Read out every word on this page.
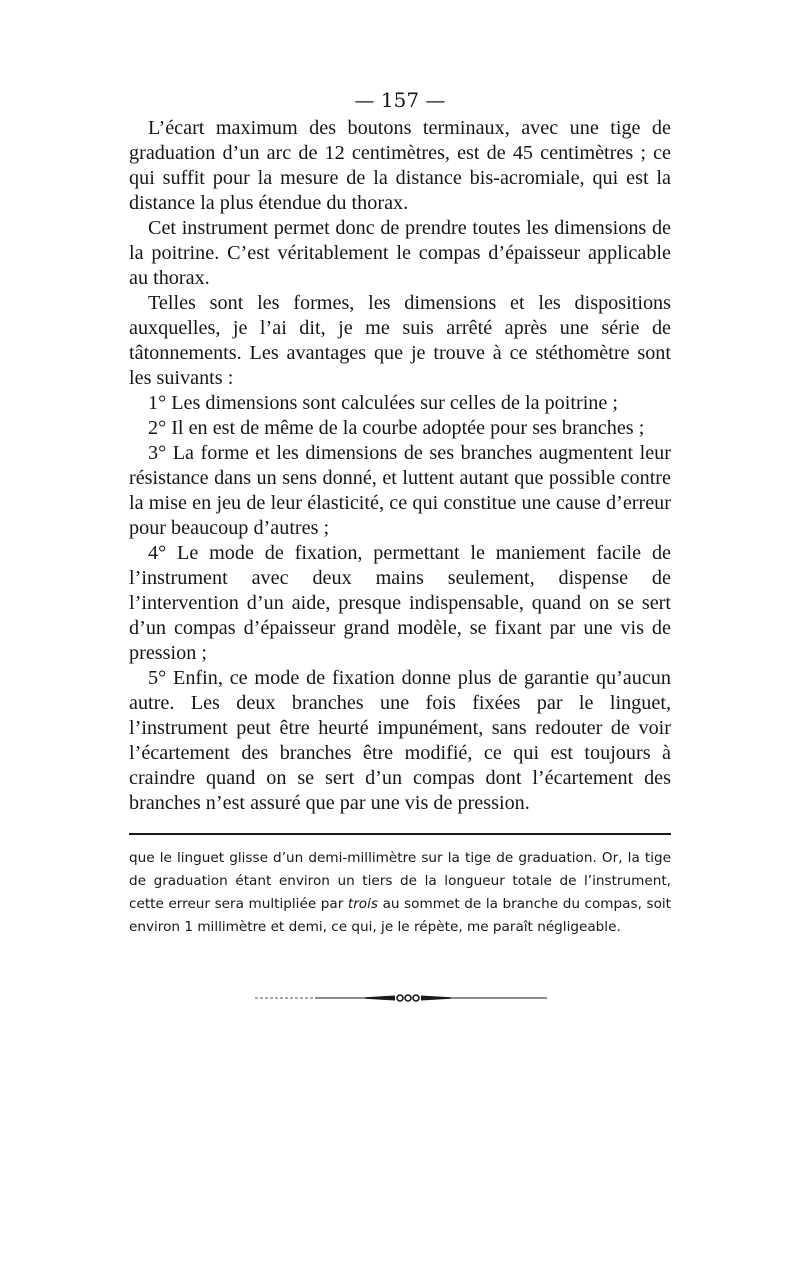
— 157 —

L’écart maximum des boutons terminaux, avec une tige de graduation d’un arc de 12 centimètres, est de 45 centimètres ; ce qui suffit pour la mesure de la distance bis-acromiale, qui est la distance la plus étendue du thorax.

Cet instrument permet donc de prendre toutes les dimensions de la poitrine. C’est véritablement le compas d’épaisseur applicable au thorax.

Telles sont les formes, les dimensions et les dispositions auxquelles, je l’ai dit, je me suis arrêté après une série de tâtonnements. Les avantages que je trouve à ce stéthomètre sont les suivants :

1° Les dimensions sont calculées sur celles de la poitrine ;

2° Il en est de même de la courbe adoptée pour ses branches ;

3° La forme et les dimensions de ses branches augmentent leur résistance dans un sens donné, et luttent autant que possible contre la mise en jeu de leur élasticité, ce qui constitue une cause d’erreur pour beaucoup d’autres ;

4° Le mode de fixation, permettant le maniement facile de l’instrument avec deux mains seulement, dispense de l’intervention d’un aide, presque indispensable, quand on se sert d’un compas d’épaisseur grand modèle, se fixant par une vis de pression ;

5° Enfin, ce mode de fixation donne plus de garantie qu’aucun autre. Les deux branches une fois fixées par le linguet, l’instrument peut être heurté impunément, sans redouter de voir l’écartement des branches être modifié, ce qui est toujours à craindre quand on se sert d’un compas dont l’écartement des branches n’est assuré que par une vis de pression.

que le linguet glisse d’un demi-millimètre sur la tige de graduation. Or, la tige de graduation étant environ un tiers de la longueur totale de l’instrument, cette erreur sera multipliée par trois au sommet de la branche du compas, soit environ 1 millimètre et demi, ce qui, je le répète, me paraît négligeable.
